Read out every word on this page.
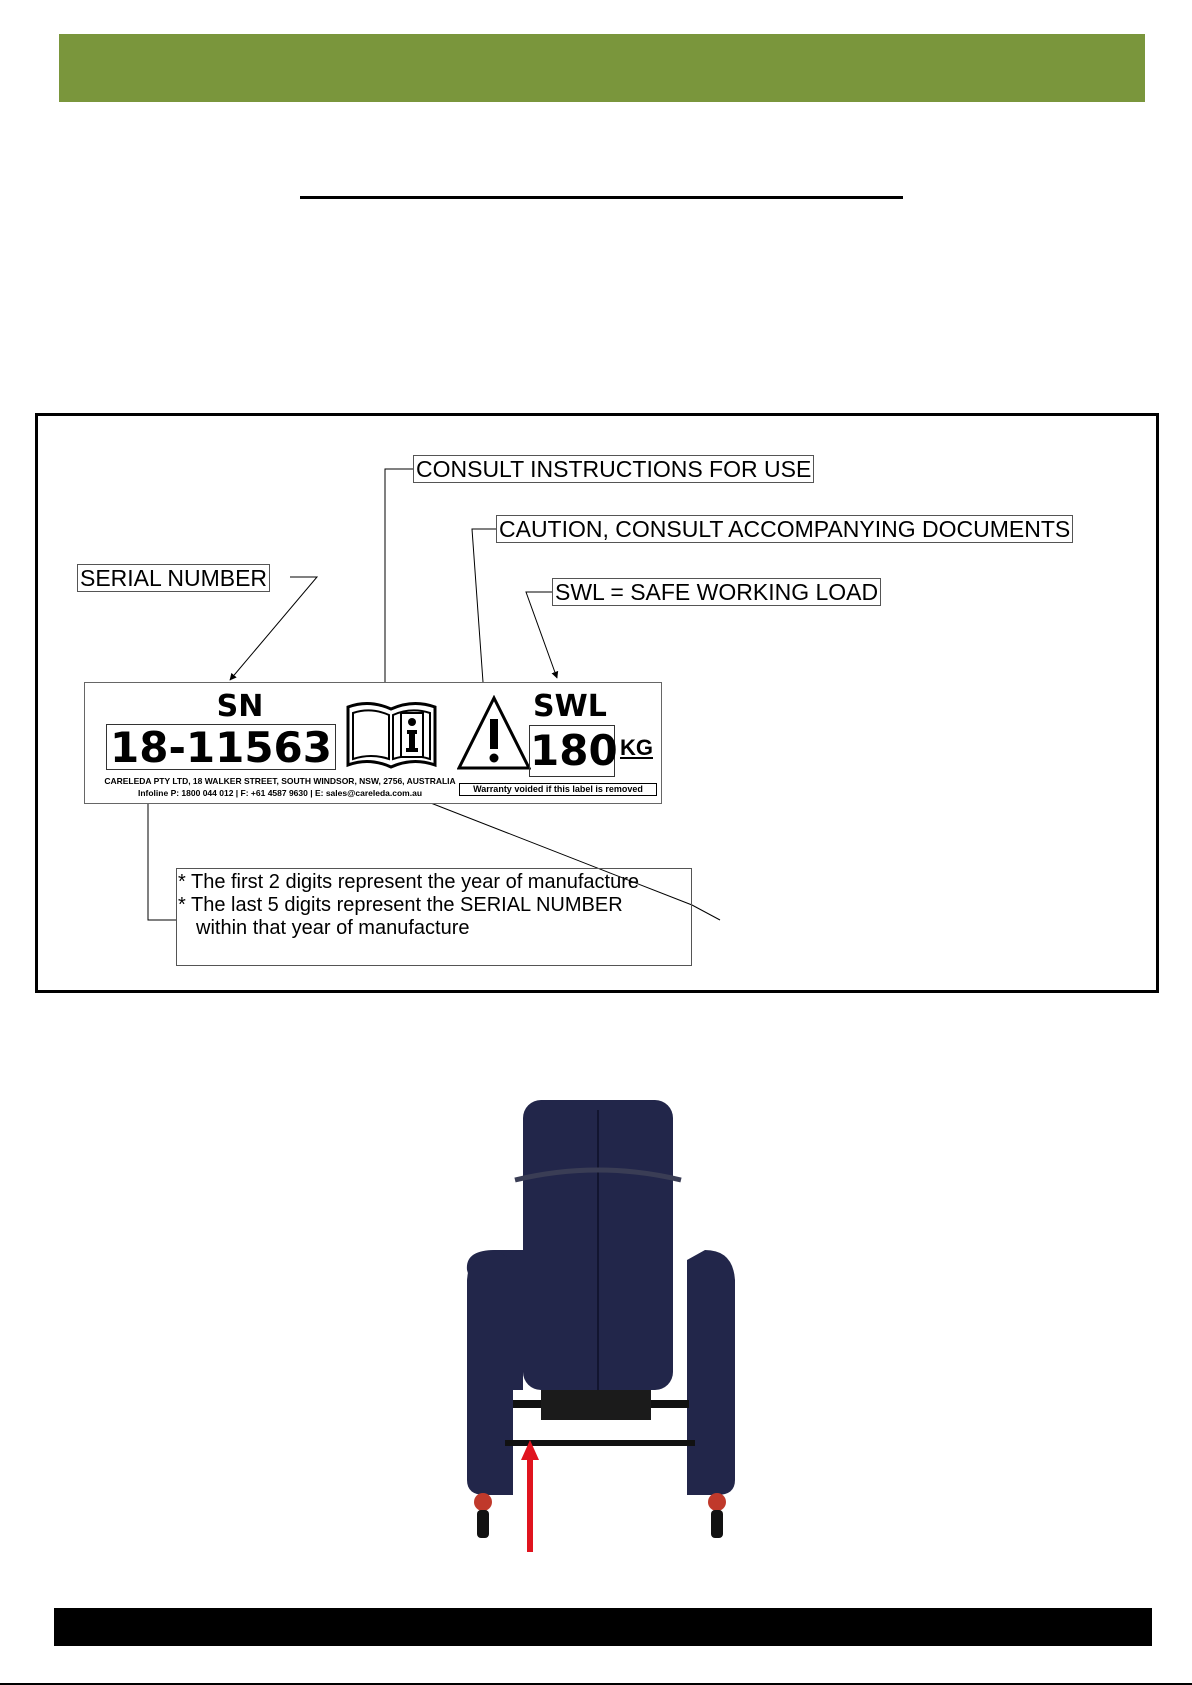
CONSULT INSTRUCTIONS FOR USE
CAUTION, CONSULT ACCOMPANYING DOCUMENTS
SWL = SAFE WORKING LOAD
SERIAL NUMBER
SN
18-11563
SWL
180 KG
CARELEDA PTY LTD, 18 WALKER STREET, SOUTH WINDSOR, NSW, 2756, AUSTRALIA
Infoline P: 1800 044 012 | F: +61 4587 9630 | E: sales@careleda.com.au	Warranty voided if this label is removed
* The first 2 digits represent the year of manufacture
* The last 5 digits represent the SERIAL NUMBER
within that year of manufacture
